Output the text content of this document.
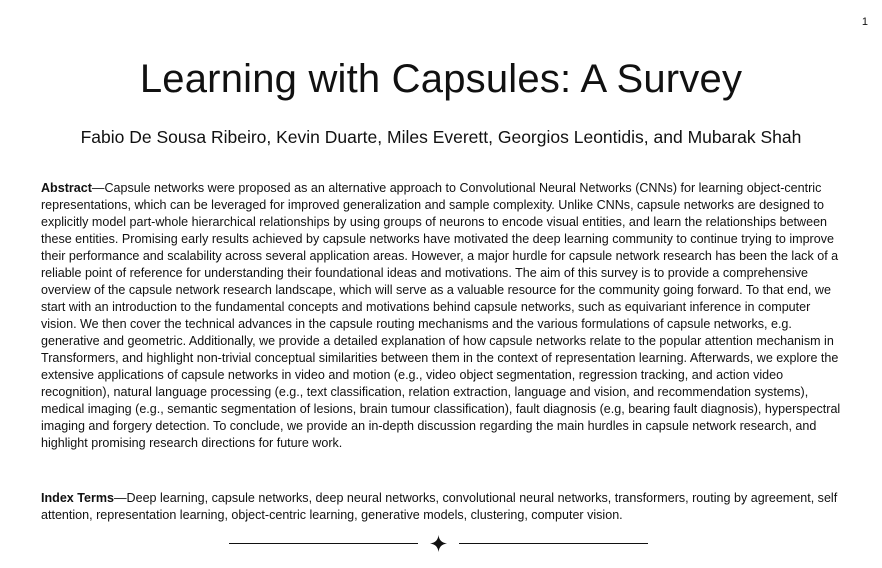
1
Learning with Capsules: A Survey
Fabio De Sousa Ribeiro, Kevin Duarte, Miles Everett, Georgios Leontidis, and Mubarak Shah

Abstract—Capsule networks were proposed as an alternative approach to Convolutional Neural Networks (CNNs) for learning object-centric representations, which can be leveraged for improved generalization and sample complexity. Unlike CNNs, capsule networks are designed to explicitly model part-whole hierarchical relationships by using groups of neurons to encode visual entities, and learn the relationships between these entities. Promising early results achieved by capsule networks have motivated the deep learning community to continue trying to improve their performance and scalability across several application areas. However, a major hurdle for capsule network research has been the lack of a reliable point of reference for understanding their foundational ideas and motivations. The aim of this survey is to provide a comprehensive overview of the capsule network research landscape, which will serve as a valuable resource for the community going forward. To that end, we start with an introduction to the fundamental concepts and motivations behind capsule networks, such as equivariant inference in computer vision. We then cover the technical advances in the capsule routing mechanisms and the various formulations of capsule networks, e.g. generative and geometric. Additionally, we provide a detailed explanation of how capsule networks relate to the popular attention mechanism in Transformers, and highlight non-trivial conceptual similarities between them in the context of representation learning. Afterwards, we explore the extensive applications of capsule networks in video and motion (e.g., video object segmentation, regression tracking, and action video recognition), natural language processing (e.g., text classification, relation extraction, language and vision, and recommendation systems), medical imaging (e.g., semantic segmentation of lesions, brain tumour classification), fault diagnosis (e.g, bearing fault diagnosis), hyperspectral imaging and forgery detection. To conclude, we provide an in-depth discussion regarding the main hurdles in capsule network research, and highlight promising research directions for future work.

Index Terms—Deep learning, capsule networks, deep neural networks, convolutional neural networks, transformers, routing by agreement, self attention, representation learning, object-centric learning, generative models, clustering, computer vision.
